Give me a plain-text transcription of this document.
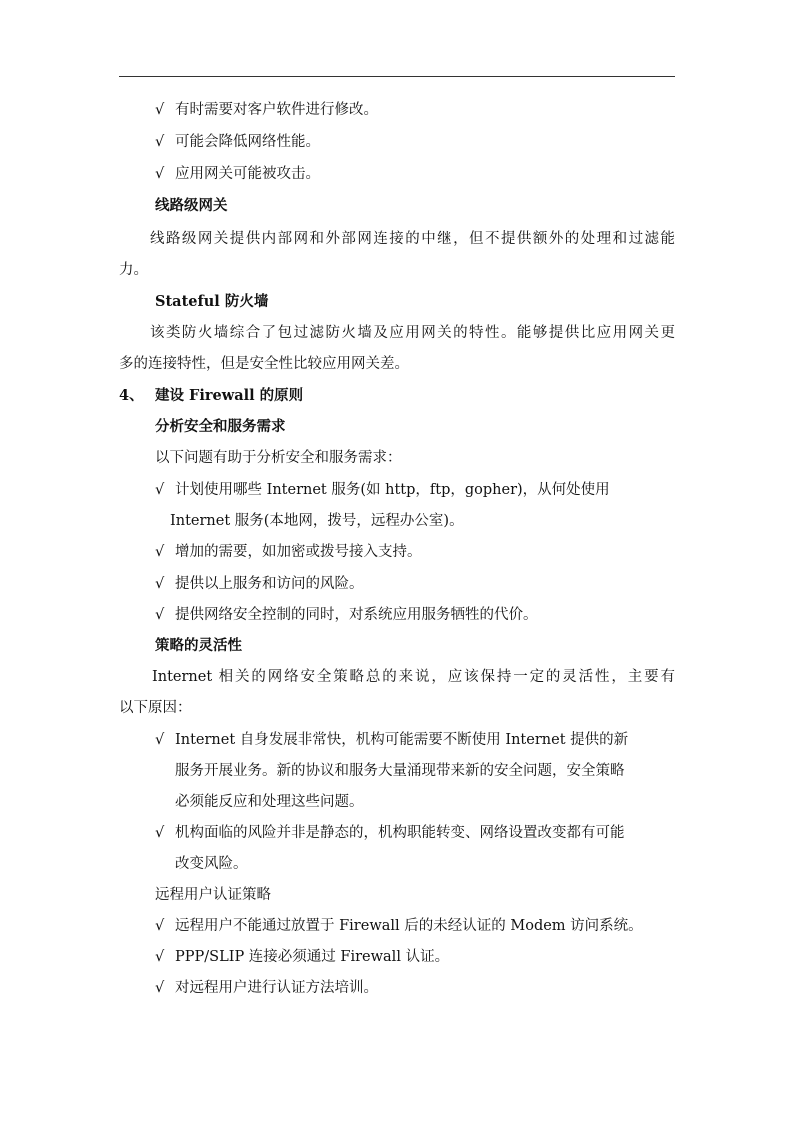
√ 有时需要对客户软件进行修改。
√ 可能会降低网络性能。
√ 应用网关可能被攻击。
线路级网关
线路级网关提供内部网和外部网连接的中继，但不提供额外的处理和过滤能
力。
Stateful 防火墙
该类防火墙综合了包过滤防火墙及应用网关的特性。能够提供比应用网关更
多的连接特性，但是安全性比较应用网关差。
4、 建设 Firewall 的原则
分析安全和服务需求
以下问题有助于分析安全和服务需求：
√ 计划使用哪些 Internet 服务(如 http，ftp，gopher)，从何处使用
Internet 服务(本地网，拨号，远程办公室)。
√ 增加的需要，如加密或拨号接入支持。
√ 提供以上服务和访问的风险。
√ 提供网络安全控制的同时，对系统应用服务牺牲的代价。
策略的灵活性
Internet 相关的网络安全策略总的来说，应该保持一定的灵活性，主要有
以下原因：
√ Internet 自身发展非常快，机构可能需要不断使用 Internet 提供的新
服务开展业务。新的协议和服务大量涌现带来新的安全问题，安全策略
必须能反应和处理这些问题。
√ 机构面临的风险并非是静态的，机构职能转变、网络设置改变都有可能
改变风险。
远程用户认证策略
√ 远程用户不能通过放置于 Firewall 后的未经认证的 Modem 访问系统。
√ PPP/SLIP 连接必须通过 Firewall 认证。
√ 对远程用户进行认证方法培训。
